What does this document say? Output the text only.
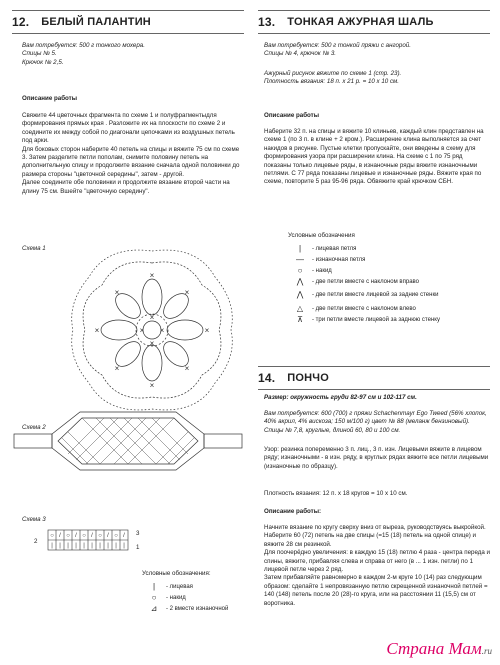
12. БЕЛЫЙ ПАЛАНТИН
Вам потребуется: 500 г тонкого мохера.
Спицы № 5.
Крючок № 2,5.
Описание работы
Свяжите 44 цветочных фрагмента по схеме 1 и полуфрагментыдля формирования прямых края . Разложите их на плоскости по схеме 2 и соедините их между собой по диагонали цепочками из воздушных петель под арки.
Для боковых сторон наберите 40 петель на спицы и вяжите 75 см по схеме 3. Затем разделите петли пополам, снимите половину петель на дополнительную спицу и продолжите вязание сначала одной половинки до размера стороны "цветочной середины", затем - другой.
Далее соедините обе половинки и продолжите вязание второй части на длину 75 см. Вшейте "цветочную середину".
Схема 1
×
×
×	×
×	×
×	×
×
× ×
×
Схема 2
Схема 3
○ / ○ / ○ / ○ / ○ /
| | | | | | | | | |
3
1
2
Условные обозначения:
|	- лицевая
○	- накид
⊿	- 2 вместе изнаночной
13. ТОНКАЯ АЖУРНАЯ ШАЛЬ
Вам потребуется: 500 г тонкой пряжи с ангорой.
Спицы № 4, крючок № 3.
Ажурный рисунок вяжите по схеме 1 (стр. 23).
Плотность вязания: 18 п. х 21 р. = 10 х 10 см.
Описание работы
Наберите 32 п. на спицы и вяжите 10 клиньев, каждый клин представлен на схеме 1 (по 3 п. в клине + 2 кром.). Расширение клина выполняется за счет накидов в рисунке. Пустые клетки пропускайте, они введены в схему для формирования узора при расширении клина. На схеме с 1 по 75 ряд показаны только лицевые ряды, в изнаночные ряды вяжите изнаночными петлями. С 77 ряда показаны лицевые и изнаночные ряды. Вяжите края по схеме, повторите 5 раз 95-96 ряда. Обвяжите край крючком СБН.
Условные обозначения
|	- лицевая петля
—	- изнаночная петля
○	- накид
⋀	- две петли вместе с наклоном вправо
⋀	- две петли вместе лицевой за задние стенки
△	- две петли вместе с наклоном влево
⊼	- три петли вместе лицевой за заднюю стенку
14. ПОНЧО
Размер: окружность груди 82-97 см и 102-117 см.
Вам потребуется: 600 (700) г пряжи Schachenmayr Ego Tweed (56% хлопок, 40% акрил, 4% вискоза; 150 м/100 г) цвет № 88 (меланж бензиновый). Спицы № 7,8, круглые, длиной 60, 80 и 100 см.
Узор: резинка попеременно 3 п. лиц., 3 п. изн. Лицевыми вяжите в лицевом ряду; изнаночными - в изн. ряду, в круглых рядах вяжите все петли лицевыми (изнаночные по образцу).
Плотность вязания: 12 п. х 18 кругов = 10 х 10 см.
Описание работы:
Начните вязание по кругу сверху вниз от выреза, руководствуясь выкройкой. Наберите 60 (72) петель на две спицы (=15 (18) петель на одной спице) и вяжите 28 см резинкой.
Для поочерёдно увеличения: в каждую 15 (18) петлю 4 раза - центра переда и спины, вяжите, прибавляя слева и справа от него (в ... 1 изн. петли) по 1 лицевой петле через 2 ряд.
Затем прибавляйте равномерно в каждом 2-м круге 10 (14) раз следующим образом: сделайте 1 непровязанную петлю скрещенной изнаночной петлей = 140 (148) петель после 20 (28)-го круга, или на расстоянии 11 (15,5) см от воротника.
Страна Мам.ru
